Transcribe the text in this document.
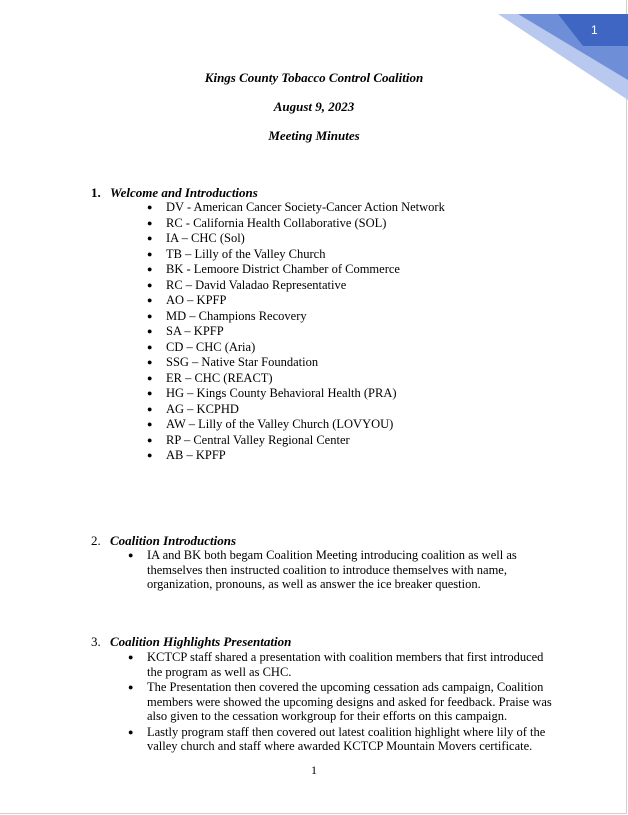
1
Kings County Tobacco Control Coalition
August 9, 2023
Meeting Minutes
1. Welcome and Introductions
● DV - American Cancer Society-Cancer Action Network
● RC - California Health Collaborative (SOL)
● IA – CHC (Sol)
● TB – Lilly of the Valley Church
● BK - Lemoore District Chamber of Commerce
● RC – David Valadao Representative
● AO – KPFP
● MD – Champions Recovery
● SA – KPFP
● CD – CHC (Aria)
● SSG – Native Star Foundation
● ER – CHC (REACT)
● HG – Kings County Behavioral Health (PRA)
● AG – KCPHD
● AW – Lilly of the Valley Church (LOVYOU)
● RP – Central Valley Regional Center
● AB – KPFP
2. Coalition Introductions
● IA and BK both begam Coalition Meeting introducing coalition as well as
themselves then instructed coalition to introduce themselves with name,
organization, pronouns, as well as answer the ice breaker question.
3. Coalition Highlights Presentation
● KCTCP staff shared a presentation with coalition members that first introduced
the program as well as CHC.
● The Presentation then covered the upcoming cessation ads campaign, Coalition
members were showed the upcoming designs and asked for feedback. Praise was
also given to the cessation workgroup for their efforts on this campaign.
● Lastly program staff then covered out latest coalition highlight where lily of the
valley church and staff where awarded KCTCP Mountain Movers certificate.
1
